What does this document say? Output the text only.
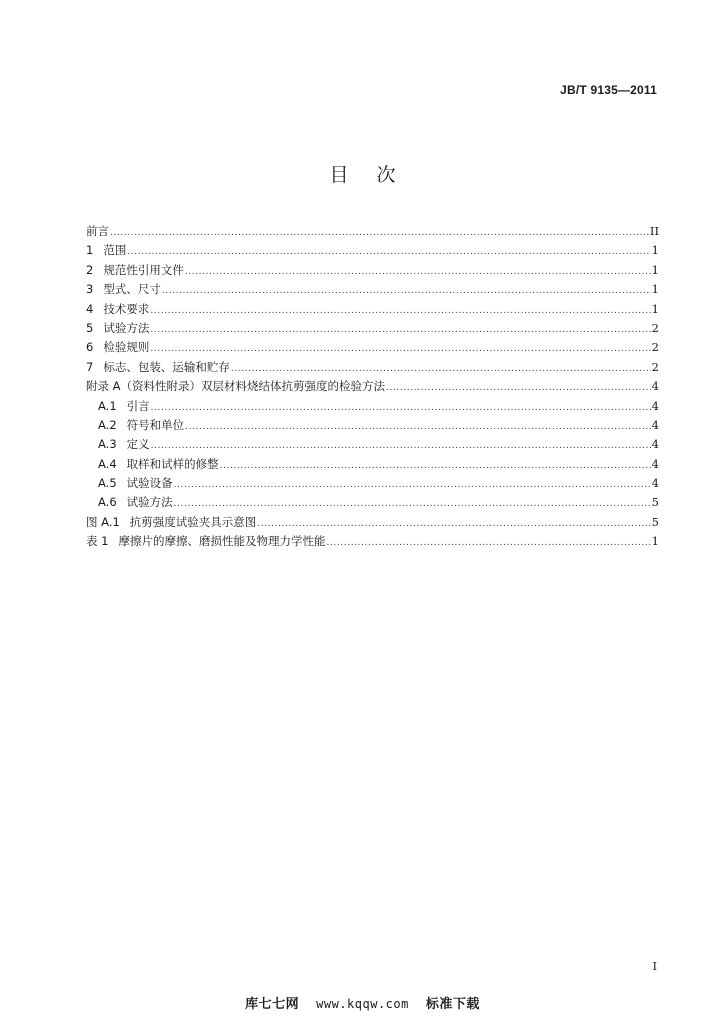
JB/T 9135—2011
目 次
前言 .....	II
1 范围 .....	1
2 规范性引用文件 .....	1
3 型式、尺寸 .....	1
4 技术要求 .....	1
5 试验方法 .....	2
6 检验规则 .....	2
7 标志、包装、运输和贮存 .....	2
附录 A（资料性附录）双层材料烧结体抗剪强度的检验方法 .....	4
A.1 引言 .....	4
A.2 符号和单位 .....	4
A.3 定义 .....	4
A.4 取样和试样的修整 .....	4
A.5 试验设备 .....	4
A.6 试验方法 .....	5
图 A.1 抗剪强度试验夹具示意图 .....	5
表 1 摩擦片的摩擦、磨损性能及物理力学性能 .....	1
I
库七七网 www.kqqw.com 标准下载
